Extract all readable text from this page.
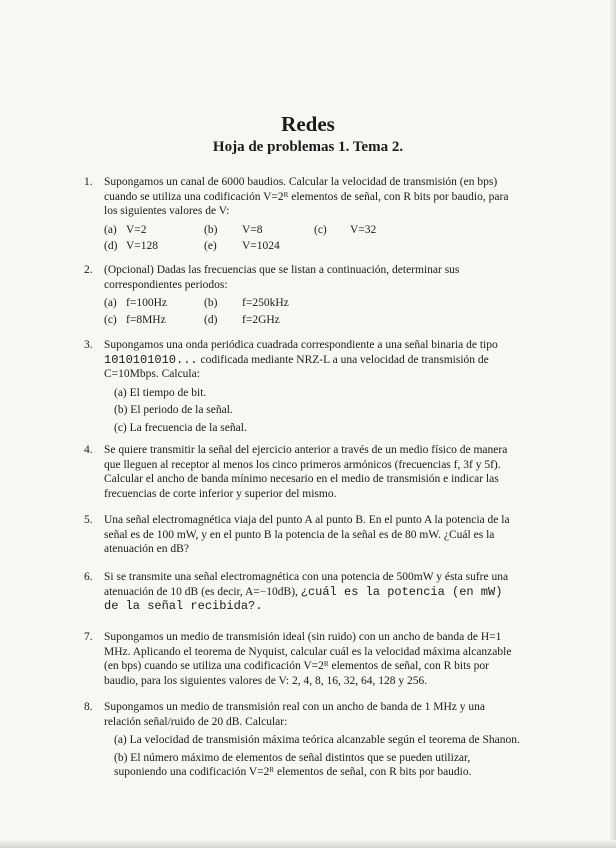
Redes
Hoja de problemas 1. Tema 2.
1. Supongamos un canal de 6000 baudios. Calcular la velocidad de transmisión (en bps) cuando se utiliza una codificación V=2ᴿ elementos de señal, con R bits por baudio, para los siguientes valores de V:
(a)	V=2	(b)	V=8	(c)	V=32
(d)	V=128	(e)	V=1024		
2. (Opcional) Dadas las frecuencias que se listan a continuación, determinar sus correspondientes periodos:
(a)	f=100Hz	(b)	f=250kHz
(c)	f=8MHz	(d)	f=2GHz
3. Supongamos una onda periódica cuadrada correspondiente a una señal binaria de tipo 1010101010... codificada mediante NRZ-L a una velocidad de transmisión de C=10Mbps. Calcula:
(a) El tiempo de bit.
(b) El periodo de la señal.
(c) La frecuencia de la señal.
4. Se quiere transmitir la señal del ejercicio anterior a través de un medio físico de manera que lleguen al receptor al menos los cinco primeros armónicos (frecuencias f, 3f y 5f). Calcular el ancho de banda mínimo necesario en el medio de transmisión e indicar las frecuencias de corte inferior y superior del mismo.
5. Una señal electromagnética viaja del punto A al punto B. En el punto A la potencia de la señal es de 100 mW, y en el punto B la potencia de la señal es de 80 mW. ¿Cuál es la atenuación en dB?
6. Si se transmite una señal electromagnética con una potencia de 500mW y ésta sufre una atenuación de 10 dB (es decir, A=−10dB), ¿cuál es la potencia (en mW) de la señal recibida?.
7. Supongamos un medio de transmisión ideal (sin ruido) con un ancho de banda de H=1 MHz. Aplicando el teorema de Nyquist, calcular cuál es la velocidad máxima alcanzable (en bps) cuando se utiliza una codificación V=2ᴿ elementos de señal, con R bits por baudio, para los siguientes valores de V: 2, 4, 8, 16, 32, 64, 128 y 256.
8. Supongamos un medio de transmisión real con un ancho de banda de 1 MHz y una relación señal/ruido de 20 dB. Calcular:
(a) La velocidad de transmisión máxima teórica alcanzable según el teorema de Shanon.
(b) El número máximo de elementos de señal distintos que se pueden utilizar, suponiendo una codificación V=2ᴿ elementos de señal, con R bits por baudio.
